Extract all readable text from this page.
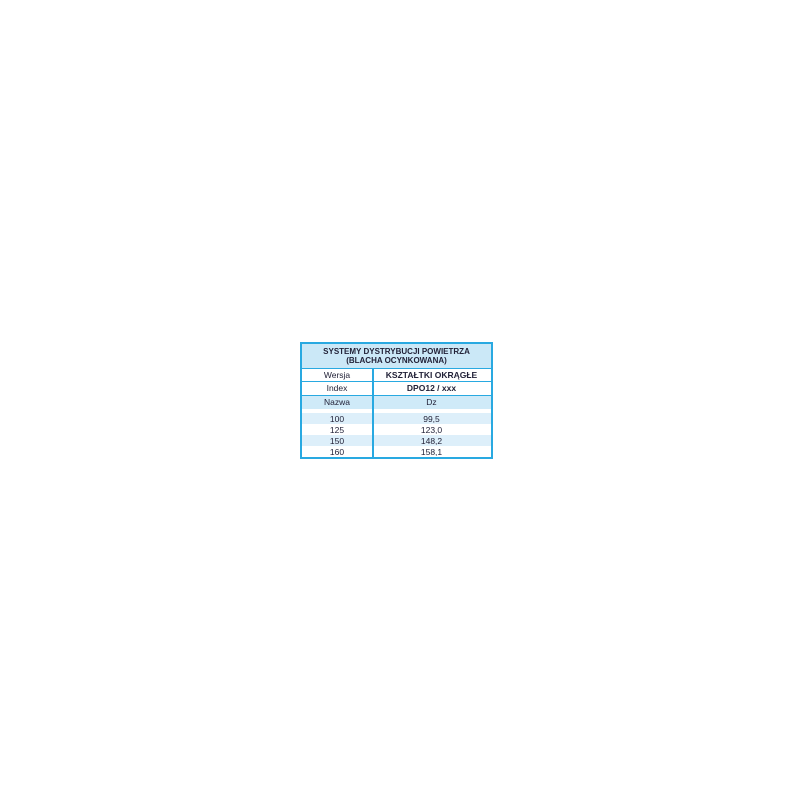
SYSTEMY DYSTRYBUCJI POWIETRZA
(BLACHA OCYNKOWANA)
Wersja	KSZTAŁTKI OKRĄGŁE
Index	DPO12 / xxx
Nazwa	Dz
100	99,5
125	123,0
150	148,2
160	158,1
